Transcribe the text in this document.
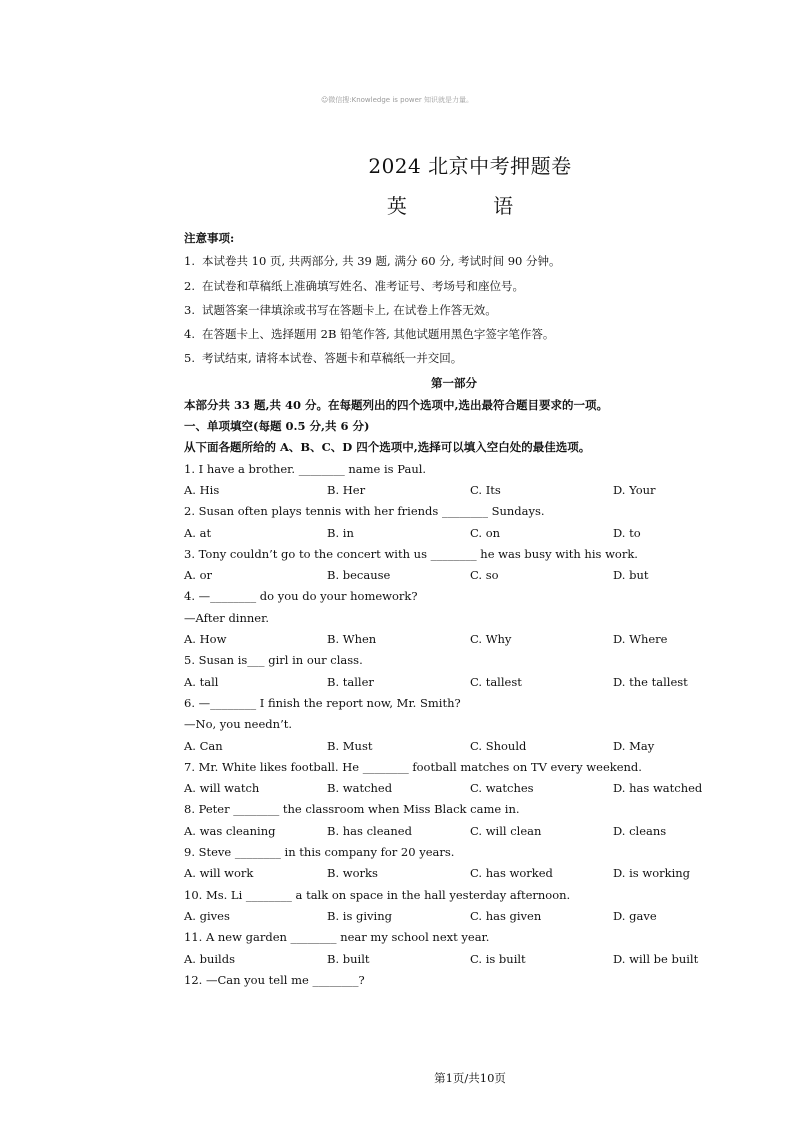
☺微信搜:Knowledge is power 知识就是力量。
2024 北京中考押题卷
英 语
注意事项:
1. 本试卷共 10 页, 共两部分, 共 39 题, 满分 60 分, 考试时间 90 分钟。
2. 在试卷和草稿纸上准确填写姓名、准考证号、考场号和座位号。
3. 试题答案一律填涂或书写在答题卡上, 在试卷上作答无效。
4. 在答题卡上、选择题用 2B 铅笔作答, 其他试题用黑色字签字笔作答。
5. 考试结束, 请将本试卷、答题卡和草稿纸一并交回。
第一部分
本部分共 33 题,共 40 分。在每题列出的四个选项中,选出最符合题目要求的一项。
一、单项填空(每题 0.5 分,共 6 分)
从下面各题所给的 A、B、C、D 四个选项中,选择可以填入空白处的最佳选项。
1. I have a brother. ________ name is Paul.
A. His	B. Her	C. Its	D. Your
2. Susan often plays tennis with her friends ________ Sundays.
A. at	B. in	C. on	D. to
3. Tony couldn’t go to the concert with us ________ he was busy with his work.
A. or	B. because	C. so	D. but
4. —________ do you do your homework?
—After dinner.
A. How	B. When	C. Why	D. Where
5. Susan is___ girl in our class.
A. tall	B. taller	C. tallest	D. the tallest
6. —________ I finish the report now, Mr. Smith?
—No, you needn’t.
A. Can	B. Must	C. Should	D. May
7. Mr. White likes football. He ________ football matches on TV every weekend.
A. will watch	B. watched	C. watches	D. has watched
8. Peter ________ the classroom when Miss Black came in.
A. was cleaning	B. has cleaned	C. will clean	D. cleans
9. Steve ________ in this company for 20 years.
A. will work	B. works	C. has worked	D. is working
10. Ms. Li ________ a talk on space in the hall yesterday afternoon.
A. gives	B. is giving	C. has given	D. gave
11. A new garden ________ near my school next year.
A. builds	B. built	C. is built	D. will be built
12. —Can you tell me ________?
第1页/共10页
